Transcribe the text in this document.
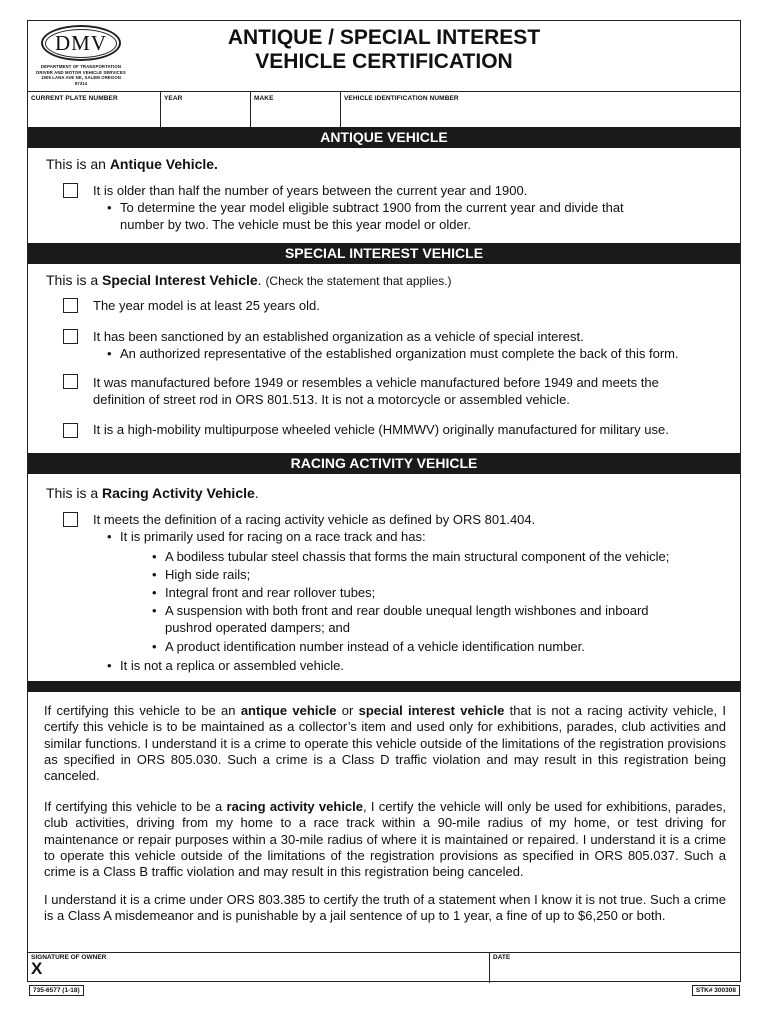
DMV
DEPARTMENT OF TRANSPORTATION
DRIVER AND MOTOR VEHICLE SERVICES
1905 LANA AVE NE, SALEM OREGON 97314
ANTIQUE / SPECIAL INTEREST
VEHICLE CERTIFICATION
CURRENT PLATE NUMBER	YEAR	MAKE	VEHICLE IDENTIFICATION NUMBER
ANTIQUE VEHICLE
This is an Antique Vehicle.
It is older than half the number of years between the current year and 1900.
• To determine the year model eligible subtract 1900 from the current year and divide that
number by two. The vehicle must be this year model or older.
SPECIAL INTEREST VEHICLE
This is a Special Interest Vehicle. (Check the statement that applies.)
The year model is at least 25 years old.
It has been sanctioned by an established organization as a vehicle of special interest.
• An authorized representative of the established organization must complete the back of this form.
It was manufactured before 1949 or resembles a vehicle manufactured before 1949 and meets the
definition of street rod in ORS 801.513. It is not a motorcycle or assembled vehicle.
It is a high-mobility multipurpose wheeled vehicle (HMMWV) originally manufactured for military use.
RACING ACTIVITY VEHICLE
This is a Racing Activity Vehicle.
It meets the definition of a racing activity vehicle as defined by ORS 801.404.
• It is primarily used for racing on a race track and has:
• A bodiless tubular steel chassis that forms the main structural component of the vehicle;
• High side rails;
• Integral front and rear rollover tubes;
• A suspension with both front and rear double unequal length wishbones and inboard
pushrod operated dampers; and
• A product identification number instead of a vehicle identification number.
• It is not a replica or assembled vehicle.
If certifying this vehicle to be an antique vehicle or special interest vehicle that is not a racing activity vehicle, I certify this vehicle is to be maintained as a collector’s item and used only for exhibitions, parades, club activities and similar functions. I understand it is a crime to operate this vehicle outside of the limitations of the registration provisions as specified in ORS 805.030. Such a crime is a Class D traffic violation and may result in this registration being canceled.
If certifying this vehicle to be a racing activity vehicle, I certify the vehicle will only be used for exhibitions, parades, club activities, driving from my home to a race track within a 90-mile radius of my home, or test driving for maintenance or repair purposes within a 30-mile radius of where it is maintained or repaired. I understand it is a crime to operate this vehicle outside of the limitations of the registration provisions as specified in ORS 805.037. Such a crime is a Class B traffic violation and may result in this registration being canceled.
I understand it is a crime under ORS 803.385 to certify the truth of a statement when I know it is not true. Such a crime is a Class A misdemeanor and is punishable by a jail sentence of up to 1 year, a fine of up to $6,250 or both.
SIGNATURE OF OWNER
X
DATE
735-6577 (1-18)	STK# 300308
